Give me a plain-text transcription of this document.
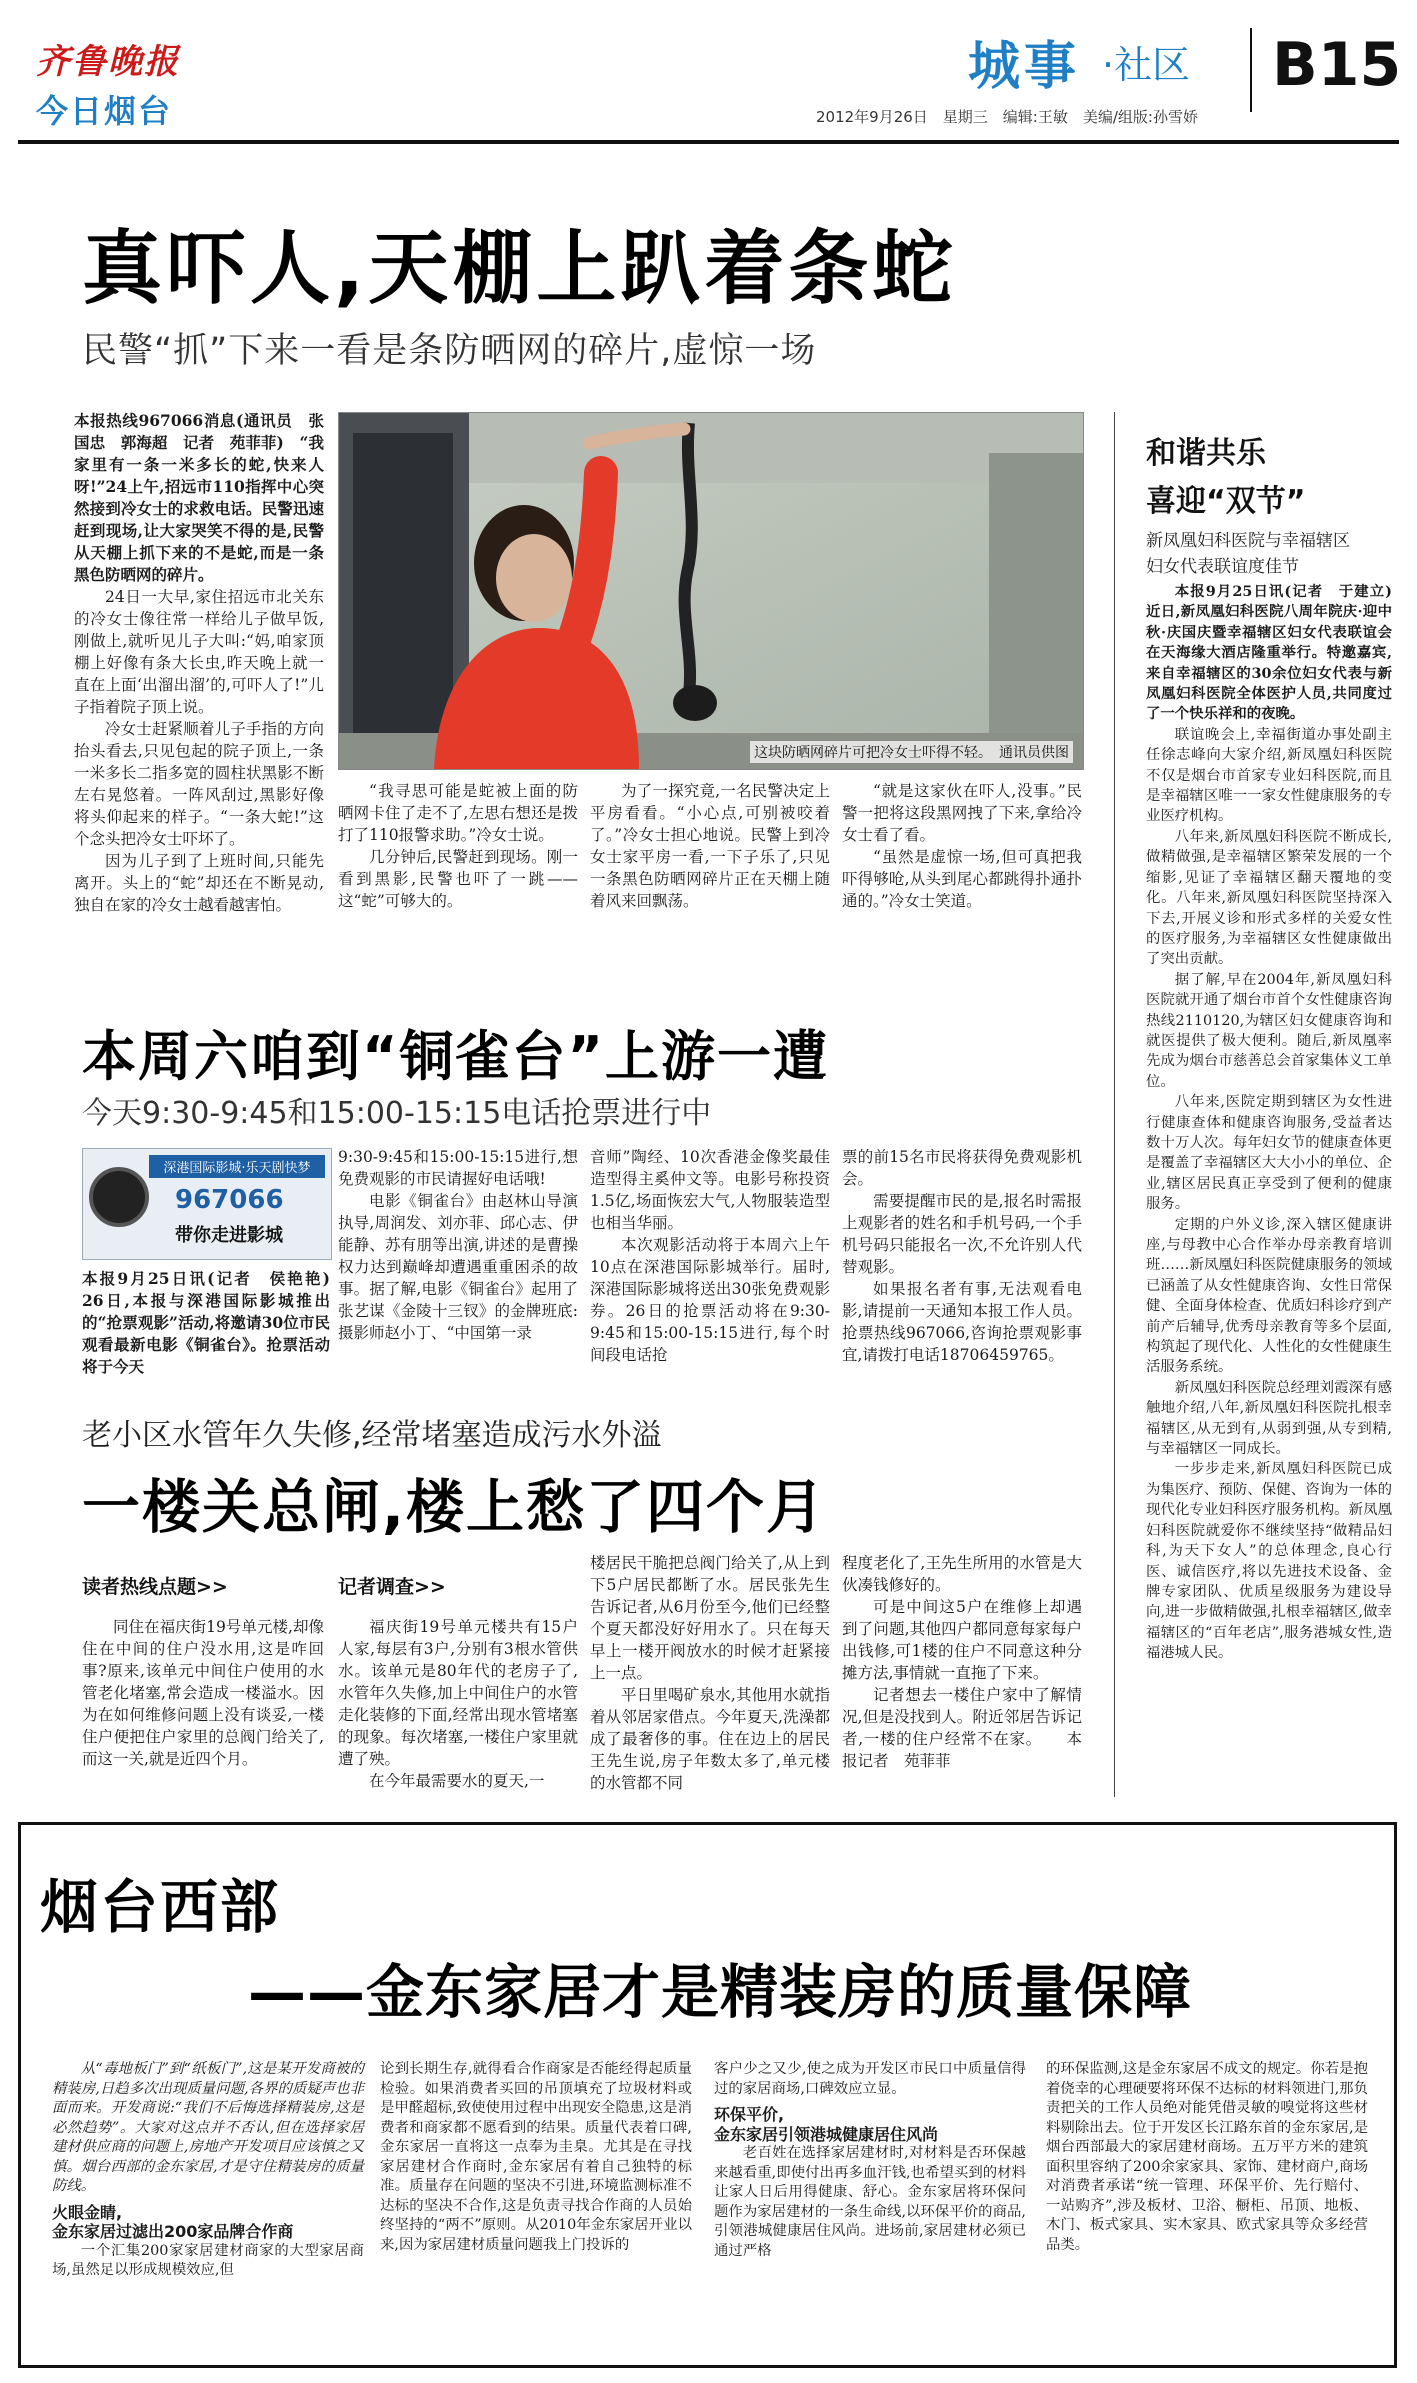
齐鲁晚报
今日烟台
城事 ·社区 B15
2012年9月26日　星期三　编辑:王敏　美编/组版:孙雪娇
真吓人,天棚上趴着条蛇
民警“抓”下来一看是条防晒网的碎片,虚惊一场

本报热线967066消息(通讯员　张国忠　郭海超　记者　苑菲菲)　“我家里有一条一米多长的蛇,快来人呀!”24上午,招远市110指挥中心突然接到冷女士的求救电话。民警迅速赶到现场,让大家哭笑不得的是,民警从天棚上抓下来的不是蛇,而是一条黑色防晒网的碎片。

24日一大早,家住招远市北关东的冷女士像往常一样给儿子做早饭,刚做上,就听见儿子大叫:“妈,咱家顶棚上好像有条大长虫,昨天晚上就一直在上面‘出溜出溜’的,可吓人了!”儿子指着院子顶上说。

冷女士赶紧顺着儿子手指的方向抬头看去,只见包起的院子顶上,一条一米多长二指多宽的圆柱状黑影不断左右晃悠着。一阵风刮过,黑影好像将头仰起来的样子。“一条大蛇!”这个念头把冷女士吓坏了。

因为儿子到了上班时间,只能先离开。头上的“蛇”却还在不断晃动,独自在家的冷女士越看越害怕。

这块防晒网碎片可把冷女士吓得不轻。　通讯员供图

“我寻思可能是蛇被上面的防晒网卡住了走不了,左思右想还是拨打了110报警求助。”冷女士说。

几分钟后,民警赶到现场。刚一看到黑影,民警也吓了一跳——这“蛇”可够大的。

为了一探究竟,一名民警决定上平房看看。“小心点,可别被咬着了。”冷女士担心地说。民警上到冷女士家平房一看,一下子乐了,只见一条黑色防晒网碎片正在天棚上随着风来回飘荡。

“就是这家伙在吓人,没事。”民警一把将这段黑网拽了下来,拿给冷女士看了看。

“虽然是虚惊一场,但可真把我吓得够呛,从头到尾心都跳得扑通扑通的。”冷女士笑道。

本周六咱到“铜雀台”上游一遭
今天9:30-9:45和15:00-15:15电话抢票进行中
深港国际影城·乐天剧快梦
967066
带你走进影城

本报9月25日讯(记者　侯艳艳)　26日,本报与深港国际影城推出的“抢票观影”活动,将邀请30位市民观看最新电影《铜雀台》。抢票活动将于今天

9:30-9:45和15:00-15:15进行,想免费观影的市民请握好电话哦!

电影《铜雀台》由赵林山导演执导,周润发、刘亦菲、邱心志、伊能静、苏有朋等出演,讲述的是曹操权力达到巅峰却遭遇重重困杀的故事。据了解,电影《铜雀台》起用了张艺谋《金陵十三钗》的金牌班底:摄影师赵小丁、“中国第一录

音师”陶经、10次香港金像奖最佳造型得主奚仲文等。电影号称投资1.5亿,场面恢宏大气,人物服装造型也相当华丽。

本次观影活动将于本周六上午10点在深港国际影城举行。届时,深港国际影城将送出30张免费观影券。26日的抢票活动将在9:30-9:45和15:00-15:15进行,每个时间段电话抢

票的前15名市民将获得免费观影机会。

需要提醒市民的是,报名时需报上观影者的姓名和手机号码,一个手机号码只能报名一次,不允许别人代替观影。

如果报名者有事,无法观看电影,请提前一天通知本报工作人员。抢票热线967066,咨询抢票观影事宜,请拨打电话18706459765。

老小区水管年久失修,经常堵塞造成污水外溢
一楼关总闸,楼上愁了四个月
读者热线点题>>	记者调查>>

同住在福庆街19号单元楼,却像住在中间的住户没水用,这是咋回事?原来,该单元中间住户使用的水管老化堵塞,常会造成一楼溢水。因为在如何维修问题上没有谈妥,一楼住户便把住户家里的总阀门给关了,而这一关,就是近四个月。

福庆街19号单元楼共有15户人家,每层有3户,分别有3根水管供水。该单元是80年代的老房子了,水管年久失修,加上中间住户的水管走化装修的下面,经常出现水管堵塞的现象。每次堵塞,一楼住户家里就遭了殃。

在今年最需要水的夏天,一

楼居民干脆把总阀门给关了,从上到下5户居民都断了水。居民张先生告诉记者,从6月份至今,他们已经整个夏天都没好好用水了。只在每天早上一楼开阀放水的时候才赶紧接上一点。

平日里喝矿泉水,其他用水就指着从邻居家借点。今年夏天,洗澡都成了最奢侈的事。住在边上的居民王先生说,房子年数太多了,单元楼的水管都不同

程度老化了,王先生所用的水管是大伙凑钱修好的。

可是中间这5户在维修上却遇到了问题,其他四户都同意每家每户出钱修,可1楼的住户不同意这种分摊方法,事情就一直拖了下来。

记者想去一楼住户家中了解情况,但是没找到人。附近邻居告诉记者,一楼的住户经常不在家。　　本报记者　苑菲菲

和谐共乐
喜迎“双节”
新凤凰妇科医院与幸福辖区
妇女代表联谊度佳节

本报9月25日讯(记者　于建立)　近日,新凤凰妇科医院八周年院庆·迎中秋·庆国庆暨幸福辖区妇女代表联谊会在天海缘大酒店隆重举行。特邀嘉宾,来自幸福辖区的30余位妇女代表与新凤凰妇科医院全体医护人员,共同度过了一个快乐祥和的夜晚。

联谊晚会上,幸福街道办事处副主任徐志峰向大家介绍,新凤凰妇科医院不仅是烟台市首家专业妇科医院,而且是幸福辖区唯一一家女性健康服务的专业医疗机构。

八年来,新凤凰妇科医院不断成长,做精做强,是幸福辖区繁荣发展的一个缩影,见证了幸福辖区翻天覆地的变化。八年来,新凤凰妇科医院坚持深入下去,开展义诊和形式多样的关爱女性的医疗服务,为幸福辖区女性健康做出了突出贡献。

据了解,早在2004年,新凤凰妇科医院就开通了烟台市首个女性健康咨询热线2110120,为辖区妇女健康咨询和就医提供了极大便利。随后,新凤凰率先成为烟台市慈善总会首家集体义工单位。

八年来,医院定期到辖区为女性进行健康查体和健康咨询服务,受益者达数十万人次。每年妇女节的健康查体更是覆盖了幸福辖区大大小小的单位、企业,辖区居民真正享受到了便利的健康服务。

定期的户外义诊,深入辖区健康讲座,与母教中心合作举办母亲教育培训班……新凤凰妇科医院健康服务的领域已涵盖了从女性健康咨询、女性日常保健、全面身体检查、优质妇科诊疗到产前产后辅导,优秀母亲教育等多个层面,构筑起了现代化、人性化的女性健康生活服务系统。

新凤凰妇科医院总经理刘霞深有感触地介绍,八年,新凤凰妇科医院扎根幸福辖区,从无到有,从弱到强,从专到精,与幸福辖区一同成长。

一步步走来,新凤凰妇科医院已成为集医疗、预防、保健、咨询为一体的现代化专业妇科医疗服务机构。新凤凰妇科医院就爱你不继续坚持“做精品妇科,为天下女人”的总体理念,良心行医、诚信医疗,将以先进技术设备、金牌专家团队、优质星级服务为建设导向,进一步做精做强,扎根幸福辖区,做幸福辖区的“百年老店”,服务港城女性,造福港城人民。

烟台西部
——金东家居才是精装房的质量保障

从“毒地板门”到“纸板门”,这是某开发商被的精装房,日趋多次出现质量问题,各界的质疑声也非面而来。开发商说:“我们不后悔选择精装房,这是必然趋势”。大家对这点并不否认,但在选择家居建材供应商的问题上,房地产开发项目应该慎之又慎。烟台西部的金东家居,才是守住精装房的质量防线。

火眼金睛,

金东家居过滤出200家品牌合作商

一个汇集200家家居建材商家的大型家居商场,虽然足以形成规模效应,但

论到长期生存,就得看合作商家是否能经得起质量检验。如果消费者买回的吊顶填充了垃圾材料或是甲醛超标,致使使用过程中出现安全隐患,这是消费者和商家都不愿看到的结果。质量代表着口碑,金东家居一直将这一点奉为圭臬。尤其是在寻找家居建材合作商时,金东家居有着自己独特的标准。质量存在问题的坚决不引进,环境监测标准不达标的坚决不合作,这是负责寻找合作商的人员始终坚持的“两不”原则。从2010年金东家居开业以来,因为家居建材质量问题我上门投诉的

客户少之又少,使之成为开发区市民口中质量信得过的家居商场,口碑效应立显。

环保平价,

金东家居引领港城健康居住风尚

老百姓在选择家居建材时,对材料是否环保越来越看重,即使付出再多血汗钱,也希望买到的材料让家人日后用得健康、舒心。金东家居将环保问题作为家居建材的一条生命线,以环保平价的商品,引领港城健康居住风尚。进场前,家居建材必须已通过严格

的环保监测,这是金东家居不成文的规定。你若是抱着侥幸的心理硬要将环保不达标的材料领进门,那负责把关的工作人员绝对能凭借灵敏的嗅觉将这些材料剔除出去。位于开发区长江路东首的金东家居,是烟台西部最大的家居建材商场。五万平方米的建筑面积里容纳了200余家家具、家饰、建材商户,商场对消费者承诺“统一管理、环保平价、先行赔付、一站购齐”,涉及板材、卫浴、橱柜、吊顶、地板、木门、板式家具、实木家具、欧式家具等众多经营品类。
